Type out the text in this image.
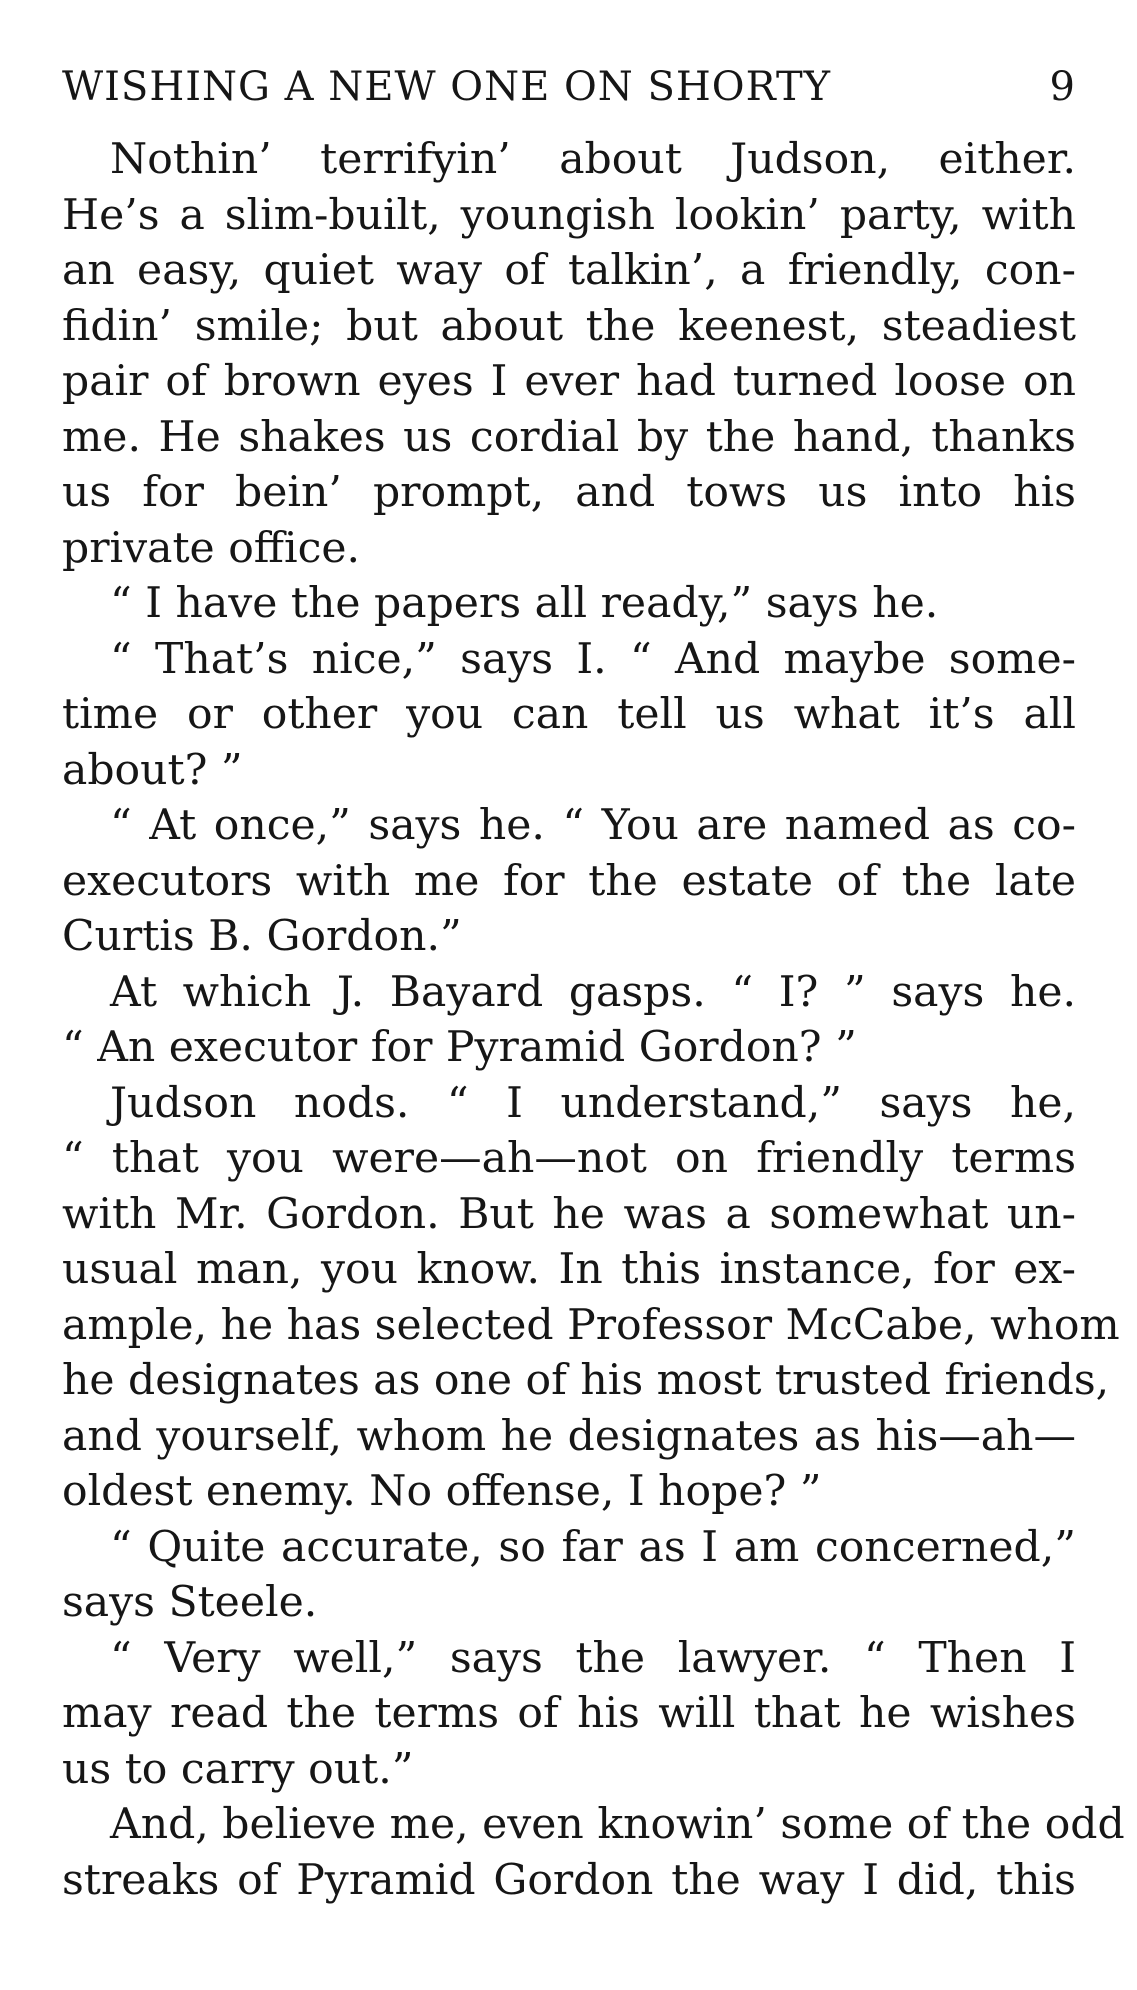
WISHING A NEW ONE ON SHORTY	9
Nothin’ terrifyin’ about Judson, either.
He’s a slim-built, youngish lookin’ party, with
an easy, quiet way of talkin’, a friendly, con-
fidin’ smile; but about the keenest, steadiest
pair of brown eyes I ever had turned loose on
me. He shakes us cordial by the hand, thanks
us for bein’ prompt, and tows us into his
private office.
“ I have the papers all ready,” says he.
“ That’s nice,” says I. “ And maybe some-
time or other you can tell us what it’s all
about? ”
“ At once,” says he. “ You are named as co-
executors with me for the estate of the late
Curtis B. Gordon.”
At which J. Bayard gasps. “ I? ” says he.
“ An executor for Pyramid Gordon? ”
Judson nods. “ I understand,” says he,
“ that you were—ah—not on friendly terms
with Mr. Gordon. But he was a somewhat un-
usual man, you know. In this instance, for ex-
ample, he has selected Professor McCabe, whom
he designates as one of his most trusted friends,
and yourself, whom he designates as his—ah—
oldest enemy. No offense, I hope? ”
“ Quite accurate, so far as I am concerned,”
says Steele.
“ Very well,” says the lawyer. “ Then I
may read the terms of his will that he wishes
us to carry out.”
And, believe me, even knowin’ some of the odd
streaks of Pyramid Gordon the way I did, this
